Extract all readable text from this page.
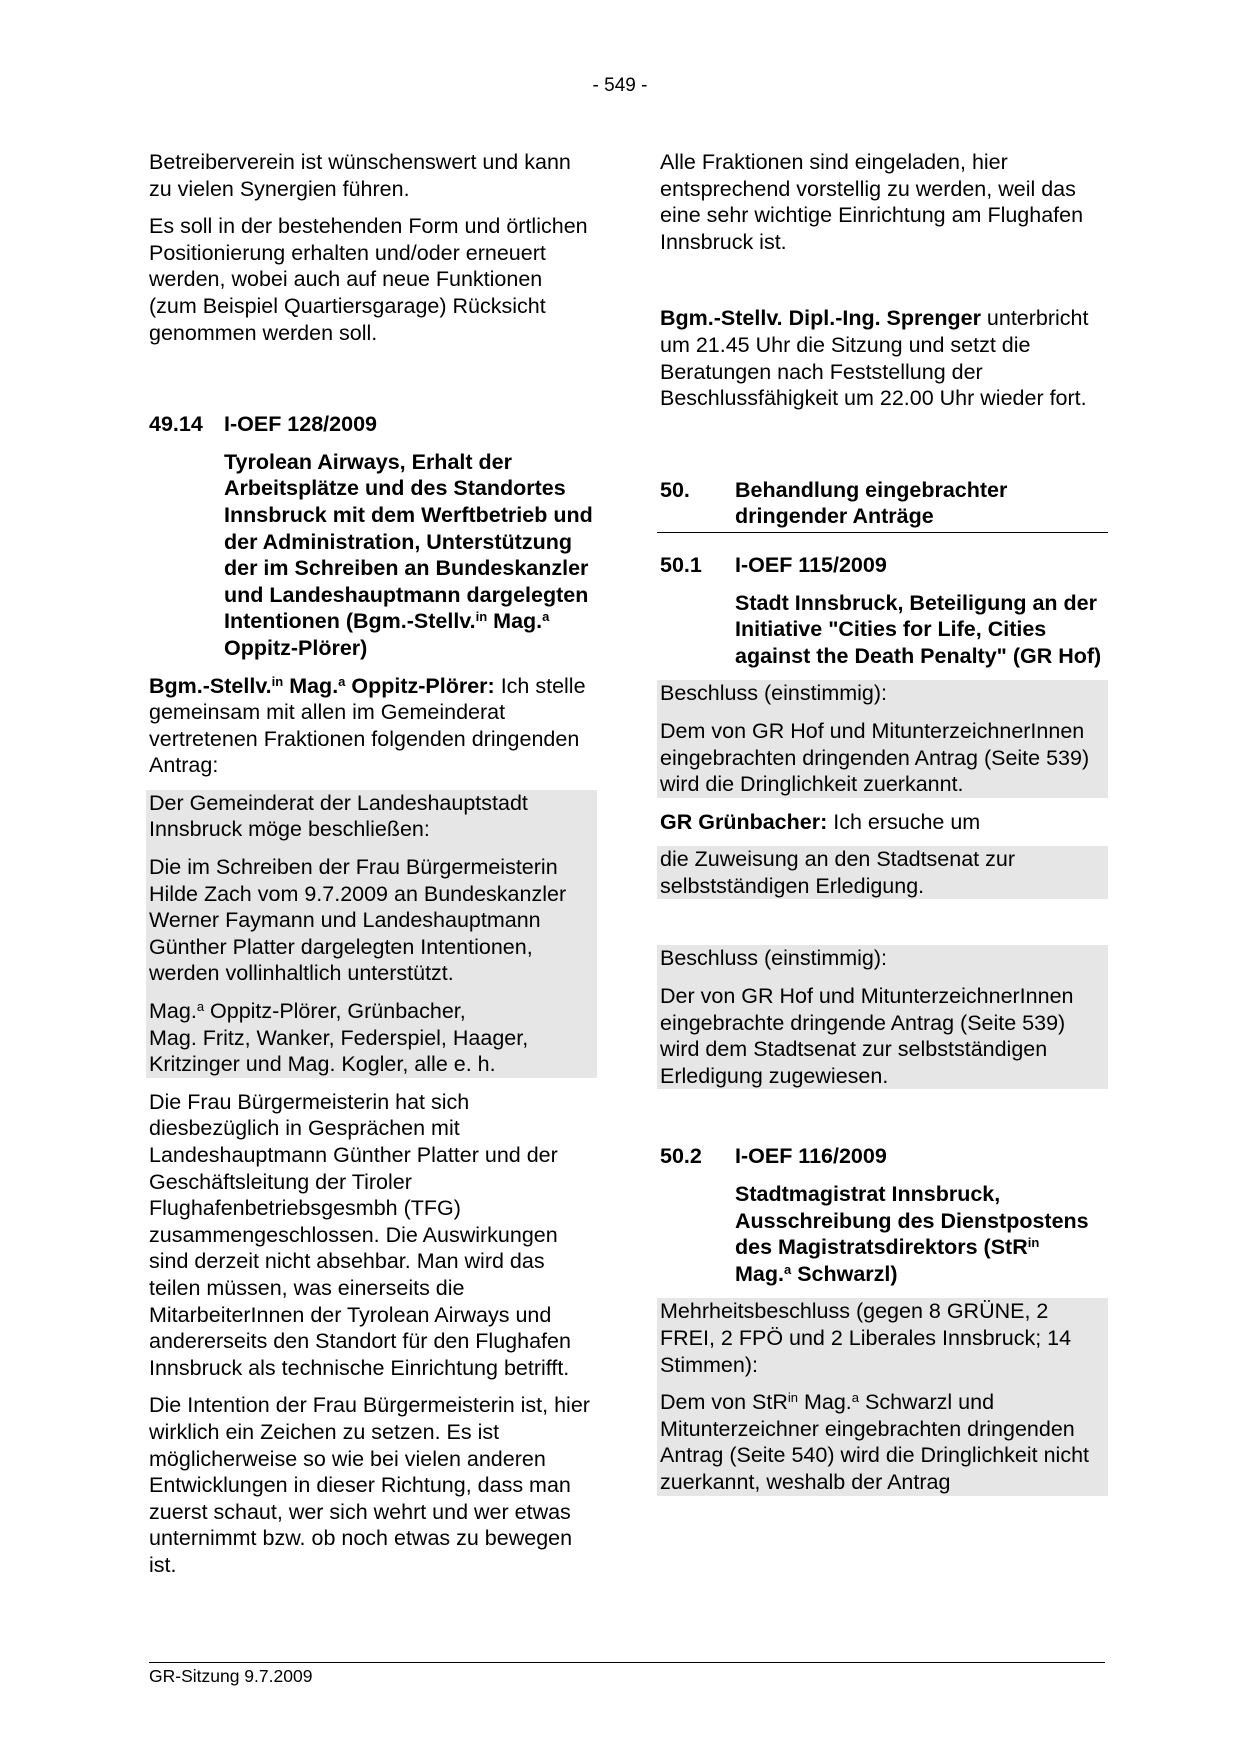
- 549 -

Betreiberverein ist wünschenswert und kann zu vielen Synergien führen.

Es soll in der bestehenden Form und örtlichen Positionierung erhalten und/oder erneuert werden, wobei auch auf neue Funktionen (zum Beispiel Quartiersgarage) Rücksicht genommen werden soll.

49.14 I-OEF 128/2009

Tyrolean Airways, Erhalt der Arbeitsplätze und des Standortes Innsbruck mit dem Werftbetrieb und der Administration, Unterstützung der im Schreiben an Bundeskanzler und Landeshauptmann dargelegten Intentionen (Bgm.-Stellv.$^{in}$ Mag.$^a$ Oppitz-Plörer)

Bgm.-Stellv.$^{in}$ Mag.$^a$ Oppitz-Plörer: Ich stelle gemeinsam mit allen im Gemeinderat vertretenen Fraktionen folgenden dringenden Antrag:

Der Gemeinderat der Landeshauptstadt Innsbruck möge beschließen:

Die im Schreiben der Frau Bürgermeisterin Hilde Zach vom 9.7.2009 an Bundeskanzler Werner Faymann und Landeshauptmann Günther Platter dargelegten Intentionen, werden vollinhaltlich unterstützt.

Mag.$^a$ Oppitz-Plörer, Grünbacher,
Mag. Fritz, Wanker, Federspiel, Haager, Kritzinger und Mag. Kogler, alle e. h.

Die Frau Bürgermeisterin hat sich diesbezüglich in Gesprächen mit Landeshauptmann Günther Platter und der Geschäftsleitung der Tiroler Flughafenbetriebsgesmbh (TFG) zusammengeschlossen. Die Auswirkungen sind derzeit nicht absehbar. Man wird das teilen müssen, was einerseits die MitarbeiterInnen der Tyrolean Airways und andererseits den Standort für den Flughafen Innsbruck als technische Einrichtung betrifft.

Die Intention der Frau Bürgermeisterin ist, hier wirklich ein Zeichen zu setzen. Es ist möglicherweise so wie bei vielen anderen Entwicklungen in dieser Richtung, dass man zuerst schaut, wer sich wehrt und wer etwas unternimmt bzw. ob noch etwas zu bewegen ist.

Alle Fraktionen sind eingeladen, hier entsprechend vorstellig zu werden, weil das eine sehr wichtige Einrichtung am Flughafen Innsbruck ist.

Bgm.-Stellv. Dipl.-Ing. Sprenger unterbricht um 21.45 Uhr die Sitzung und setzt die Beratungen nach Feststellung der Beschlussfähigkeit um 22.00 Uhr wieder fort.

50.	Behandlung eingebrachter dringender Anträge
50.1	I-OEF 115/2009

Stadt Innsbruck, Beteiligung an der Initiative "Cities for Life, Cities against the Death Penalty" (GR Hof)

Beschluss (einstimmig):

Dem von GR Hof und MitunterzeichnerInnen eingebrachten dringenden Antrag (Seite 539) wird die Dringlichkeit zuerkannt.

GR Grünbacher: Ich ersuche um

die Zuweisung an den Stadtsenat zur selbstständigen Erledigung.

Beschluss (einstimmig):

Der von GR Hof und MitunterzeichnerInnen eingebrachte dringende Antrag (Seite 539) wird dem Stadtsenat zur selbstständigen Erledigung zugewiesen.

50.2	I-OEF 116/2009

Stadtmagistrat Innsbruck, Ausschreibung des Dienstpostens des Magistratsdirektors (StR$^{in}$
Mag.$^a$ Schwarzl)

Mehrheitsbeschluss (gegen 8 GRÜNE, 2 FREI, 2 FPÖ und 2 Liberales Innsbruck; 14 Stimmen):

Dem von StR$^{in}$ Mag.$^a$ Schwarzl und Mitunterzeichner eingebrachten dringenden Antrag (Seite 540) wird die Dringlichkeit nicht zuerkannt, weshalb der Antrag

GR-Sitzung 9.7.2009
